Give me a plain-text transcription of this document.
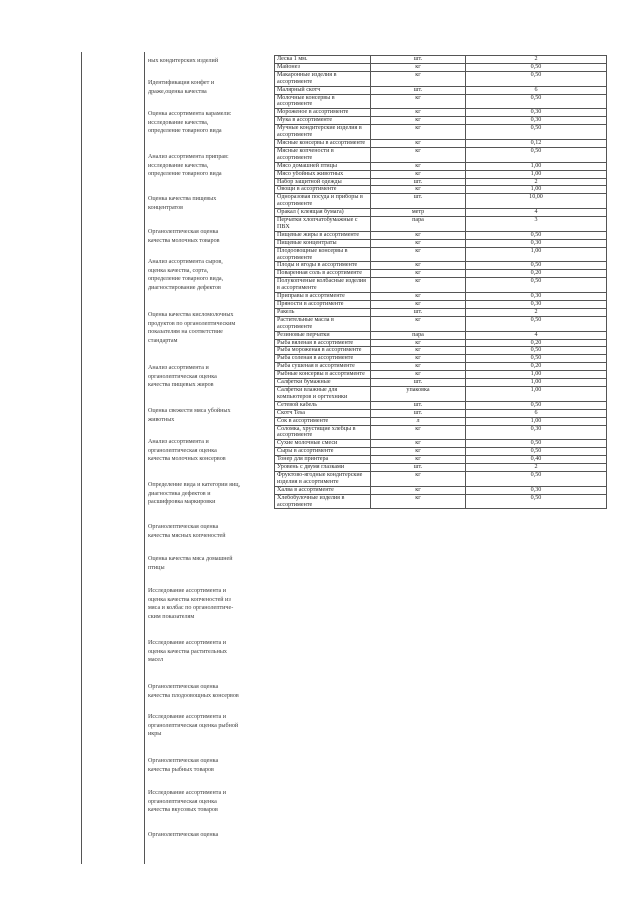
ных кондитерских изделий
Идентификация конфет и
драже,оценка качества
Оценка ассортимента карамели:
исследование качества,
определение товарного вида
Анализ ассортимента приправ:
исследование качества,
определение товарного вида
Оценка качества пищевых
концентратов
Органолептическая оценка
качества молочных товаров
Анализ ассортимента сыров,
оценка качества, сорта,
определение товарного вида,
диагностирование дефектов
Оценка качества кисломолочных
продуктов по органолептическим
показателям на соответствие
стандартам
Анализ ассортимента и
органолептическая оценка
качества пищевых жиров
Оценка свежести мяса убойных
животных
Анализ ассортимента и
органолептическая оценка
качества молочных консервов
Определение вида и категории яиц,
диагностика дефектов и
расшифровка маркировки
Органолептическая оценка
качества мясных копченостей
Оценка качества мяса домашней
птицы
Исследование ассортимента и
оценка качества копченостей из
мяса и колбас по органолептиче-
ским показателям
Исследование ассортимента и
оценка качества растительных
масел
Органолептическая оценка
качества плодоовощных консервов
Исследование ассортимента и
органолептическая оценка рыбной
икры
Органолептическая оценка
качества рыбных товаров
Исследование ассортимента и
органолептическая оценка
качества вкусовых товаров
Органолептическая оценка
Леска 1 мм.	шт.	2
Майонез	кг	0,50
Макаронные изделия в ассортименте	кг	0,50
Малярный скотч	шт.	6
Молочные консервы в ассортименте	кг	0,50
Мороженое в ассортименте	кг	0,30
Мука в ассортименте	кг	0,30
Мучные кондитерские изделия в ассортименте	кг	0,50
Мясные консервы в ассортименте	кг	0,12
Мясные копчености в ассортименте	кг	0,50
Мясо домашней птицы	кг	1,00
Мясо убойных животных	кг	1,00
Набор защитной одежды	шт.	2
Овощи в ассортименте	кг	1,00
Одноразовая посуда и приборы в ассортименте	шт.	10,00
Оракал ( клеящая бумага)	метр	4
Перчатки хлопчатобумажные с ПВХ	пара	3
Пищевые жиры в ассортименте	кг	0,50
Пищевые концентраты	кг	0,30
Плодоовощные консервы в ассортименте	кг	1,00
Плоды и ягоды в ассортименте	кг	0,50
Поваренная соль в ассортименте	кг	0,20
Полукопченые колбасные изделия в ассортименте	кг	0,50
Приправы в ассортименте	кг	0,30
Пряности в ассортименте	кг	0,30
Ракель	шт.	2
Растительные масла в ассортименте	кг	0,50
Резиновые перчатки	пара	4
Рыба вяленая в ассортименте	кг	0,20
Рыба мороженая в ассортименте	кг	0,50
Рыба соленая в ассортименте	кг	0,50
Рыба сушеная в ассортименте	кг	0,20
Рыбные консервы в ассортименте	кг	1,00
Салфетки бумажные	шт.	1,00
Салфетки влажные для компьютеров и оргтехники	упаковка	1,00
Сетевой кабель	шт.	0,50
Скотч Tesa	шт.	6
Сок в ассортименте	л	1,00
Соломка, хрустящие хлебцы в ассортименте	кг	0,30
Сухие молочные смеси	кг	0,50
Сыры в ассортименте	кг	0,50
Тонер для принтера	кг	0,40
Уровень с двумя глазками	шт.	2
Фруктово-ягодные кондитерские изделия в ассортименте	кг	0,50
Халва в ассортименте	кг	0,30
Хлебобулочные изделия в ассортименте	кг	0,50
